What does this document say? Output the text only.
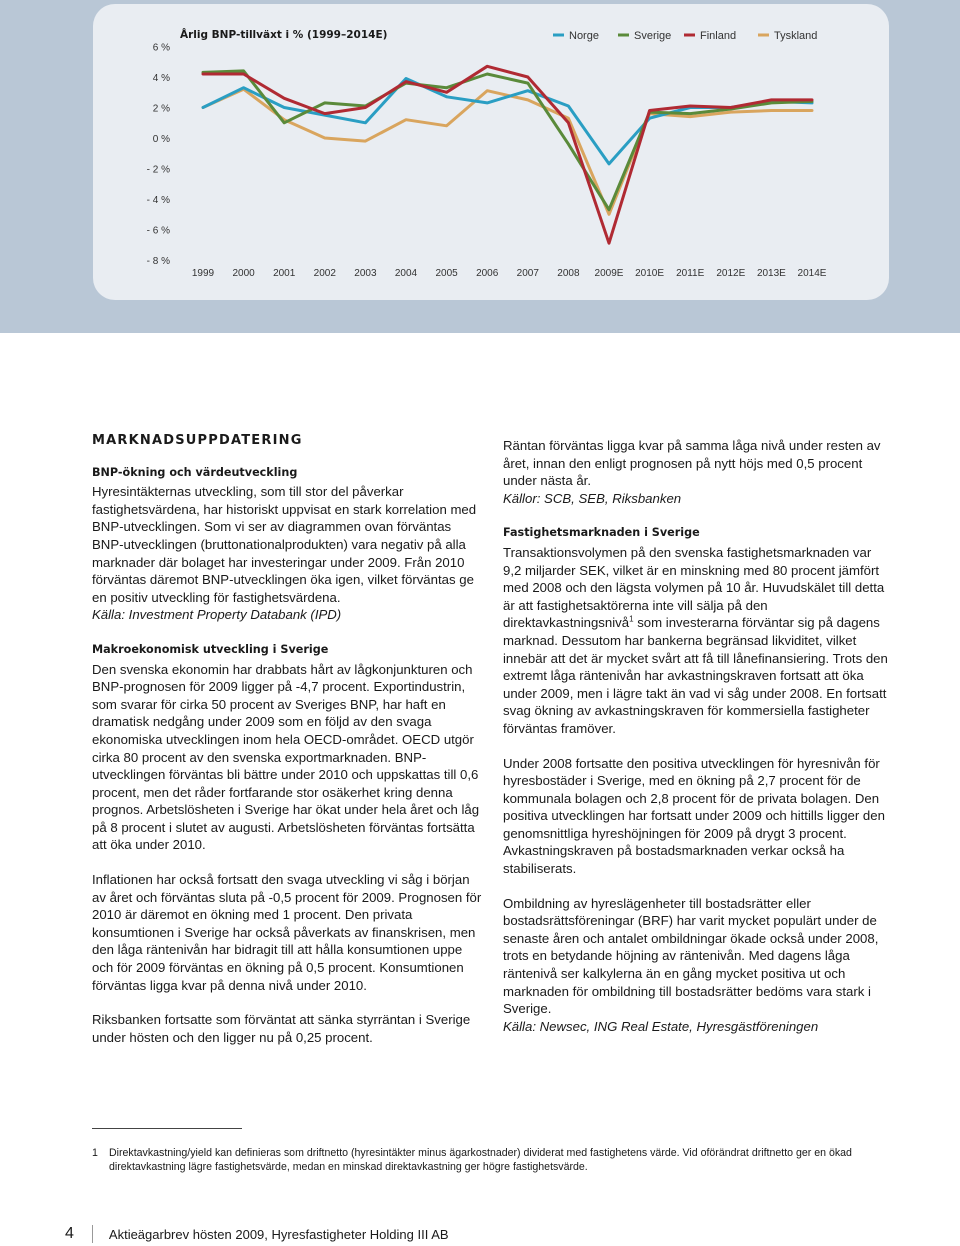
Årlig BNP-tillväxt i % (1999–2014E)
6 %
4 %
2 %
0 %
- 2 %
- 4 %
- 6 %
- 8 %
1999 2000 2001 2002 2003 2004 2005 2006 2007 2008 2009E 2010E 2011E 2012E 2013E 2014E
Norge	Sverige	Finland	Tyskland
MARKNADSUPPDATERING
BNP-ökning och värdeutveckling

Hyresintäkternas utveckling, som till stor del påverkar fastighetsvärdena, har historiskt uppvisat en stark korrelation med BNP-utvecklingen. Som vi ser av diagrammen ovan förväntas BNP-utvecklingen (bruttonationalprodukten) vara negativ på alla marknader där bolaget har investeringar under 2009. Från 2010 förväntas däremot BNP-utvecklingen öka igen, vilket förväntas ge en positiv utveckling för fastighetsvärdena.

Källa: Investment Property Databank (IPD)

Makroekonomisk utveckling i Sverige

Den svenska ekonomin har drabbats hårt av lågkonjunkturen och BNP-prognosen för 2009 ligger på -4,7 procent. Exportindustrin, som svarar för cirka 50 procent av Sveriges BNP, har haft en dramatisk nedgång under 2009 som en följd av den svaga ekonomiska utvecklingen inom hela OECD-området. OECD utgör cirka 80 procent av den svenska exportmarknaden. BNP-utvecklingen förväntas bli bättre under 2010 och uppskattas till 0,6 procent, men det råder fortfarande stor osäkerhet kring denna prognos. Arbetslösheten i Sverige har ökat under hela året och låg på 8 procent i slutet av augusti. Arbetslösheten förväntas fortsätta att öka under 2010.

Inflationen har också fortsatt den svaga utveckling vi såg i början av året och förväntas sluta på -0,5 procent för 2009. Prognosen för 2010 är däremot en ökning med 1 procent. Den privata konsumtionen i Sverige har också påverkats av finanskrisen, men den låga räntenivån har bidragit till att hålla konsumtionen uppe och för 2009 förväntas en ökning på 0,5 procent. Konsumtionen förväntas ligga kvar på denna nivå under 2010.

Riksbanken fortsatte som förväntat att sänka styrräntan i Sverige under hösten och den ligger nu på 0,25 procent.

Räntan förväntas ligga kvar på samma låga nivå under resten av året, innan den enligt prognosen på nytt höjs med 0,5 procent under nästa år.

Källor: SCB, SEB, Riksbanken

Fastighetsmarknaden i Sverige

Transaktionsvolymen på den svenska fastighetsmarknaden var 9,2 miljarder SEK, vilket är en minskning med 80 procent jämfört med 2008 och den lägsta volymen på 10 år. Huvudskälet till detta är att fastighetsaktörerna inte vill sälja på den direktavkastningsnivå$^1$ som investerarna förväntar sig på dagens marknad. Dessutom har bankerna begränsad likviditet, vilket innebär att det är mycket svårt att få till lånefinansiering. Trots den extremt låga räntenivån har avkastningskraven fortsatt att öka under 2009, men i lägre takt än vad vi såg under 2008. En fortsatt svag ökning av avkastningskraven för kommersiella fastigheter förväntas framöver.

Under 2008 fortsatte den positiva utvecklingen för hyresnivån för hyresbostäder i Sverige, med en ökning på 2,7 procent för de kommunala bolagen och 2,8 procent för de privata bolagen. Den positiva utvecklingen har fortsatt under 2009 och hittills ligger den genomsnittliga hyreshöjningen för 2009 på drygt 3 procent. Avkastningskraven på bostadsmarknaden verkar också ha stabiliserats.

Ombildning av hyreslägenheter till bostadsrätter eller bostadsrättsföreningar (BRF) har varit mycket populärt under de senaste åren och antalet ombildningar ökade också under 2008, trots en betydande höjning av räntenivån. Med dagens låga räntenivå ser kalkylerna än en gång mycket positiva ut och marknaden för ombildning till bostadsrätter bedöms vara stark i Sverige.

Källa: Newsec, ING Real Estate, Hyresgästföreningen

1 Direktavkastning/yield kan definieras som driftnetto (hyresintäkter minus ägarkostnader) dividerat med fastighetens värde. Vid oförändrat driftnetto ger en ökad direktavkastning lägre fastighetsvärde, medan en minskad direktavkastning ger högre fastighetsvärde.
4	Aktieägarbrev hösten 2009, Hyresfastigheter Holding III AB
